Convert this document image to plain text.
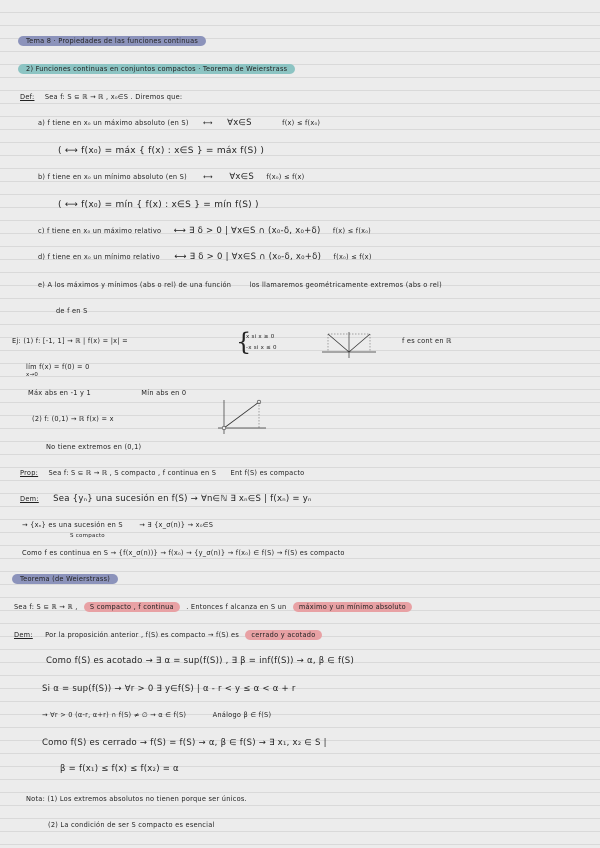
Tema 8 · Propiedades de las funciones continuas
2) Funciones continuas en conjuntos compactos · Teorema de Weierstrass
Def: Sea f: S ⊆ ℝ → ℝ , x₀∈S . Diremos que:
a) f tiene en x₀ un máximo absoluto (en S) ⟷ ∀x∈S	f(x) ≤ f(x₀)
( ⟷ f(x₀) = máx { f(x) : x∈S } = máx f(S) )
b) f tiene en x₀ un mínimo absoluto (en S) ⟷ ∀x∈S f(x₀) ≤ f(x)
( ⟷ f(x₀) = mín { f(x) : x∈S } = mín f(S) )
c) f tiene en x₀ un máximo relativo ⟷ ∃ δ > 0 | ∀x∈S ∩ (x₀-δ, x₀+δ) f(x) ≤ f(x₀)
d) f tiene en x₀ un mínimo relativo ⟷ ∃ δ > 0 | ∀x∈S ∩ (x₀-δ, x₀+δ) f(x₀) ≤ f(x)
e) A los máximos y mínimos (abs o rel) de una función	los llamaremos geométricamente extremos (abs o rel)
de f en S
Ej: (1) f: [-1, 1] → ℝ | f(x) = |x| =	{
x si x ≥ 0
-x si x ≤ 0
f es cont en ℝ
lím f(x) = f(0) = 0
x→0
Máx abs en -1 y 1	Mín abs en 0
(2) f: (0,1) → ℝ f(x) = x
No tiene extremos en (0,1)
Prop: Sea f: S ⊆ ℝ → ℝ , S compacto , f continua en S Ent f(S) es compacto
Dem: Sea {yₙ} una sucesión en f(S) → ∀n∈ℕ ∃ xₙ∈S | f(xₙ) = yₙ
→ {xₙ} es una sucesión en S → ∃ {x_σ(n)} → x₀∈S
S compacto
Como f es continua en S → {f(x_σ(n))} → f(x₀) → {y_σ(n)} → f(x₀) ∈ f(S) → f(S) es compacto
Teorema (de Weierstrass)
Sea f: S ⊆ ℝ → ℝ , S compacto , f continua . Entonces f alcanza en S un máximo y un mínimo absoluto
Dem: Por la proposición anterior , f(S) es compacto → f(S) es cerrado y acotado
Como f(S) es acotado → ∃ α = sup(f(S)) , ∃ β = inf(f(S)) → α, β ∈ f(S)
Si α = sup(f(S)) → ∀r > 0 ∃ y∈f(S) | α - r < y ≤ α < α + r
→ ∀r > 0 (α-r, α+r) ∩ f(S) ≠ ∅ → α ∈ f(S)	Análogo β ∈ f(S)
Como f(S) es cerrado → f(S) = f(S) → α, β ∈ f(S) → ∃ x₁, x₂ ∈ S |
β = f(x₁) ≤ f(x) ≤ f(x₂) = α
Nota: (1) Los extremos absolutos no tienen porque ser únicos.
(2) La condición de ser S compacto es esencial
